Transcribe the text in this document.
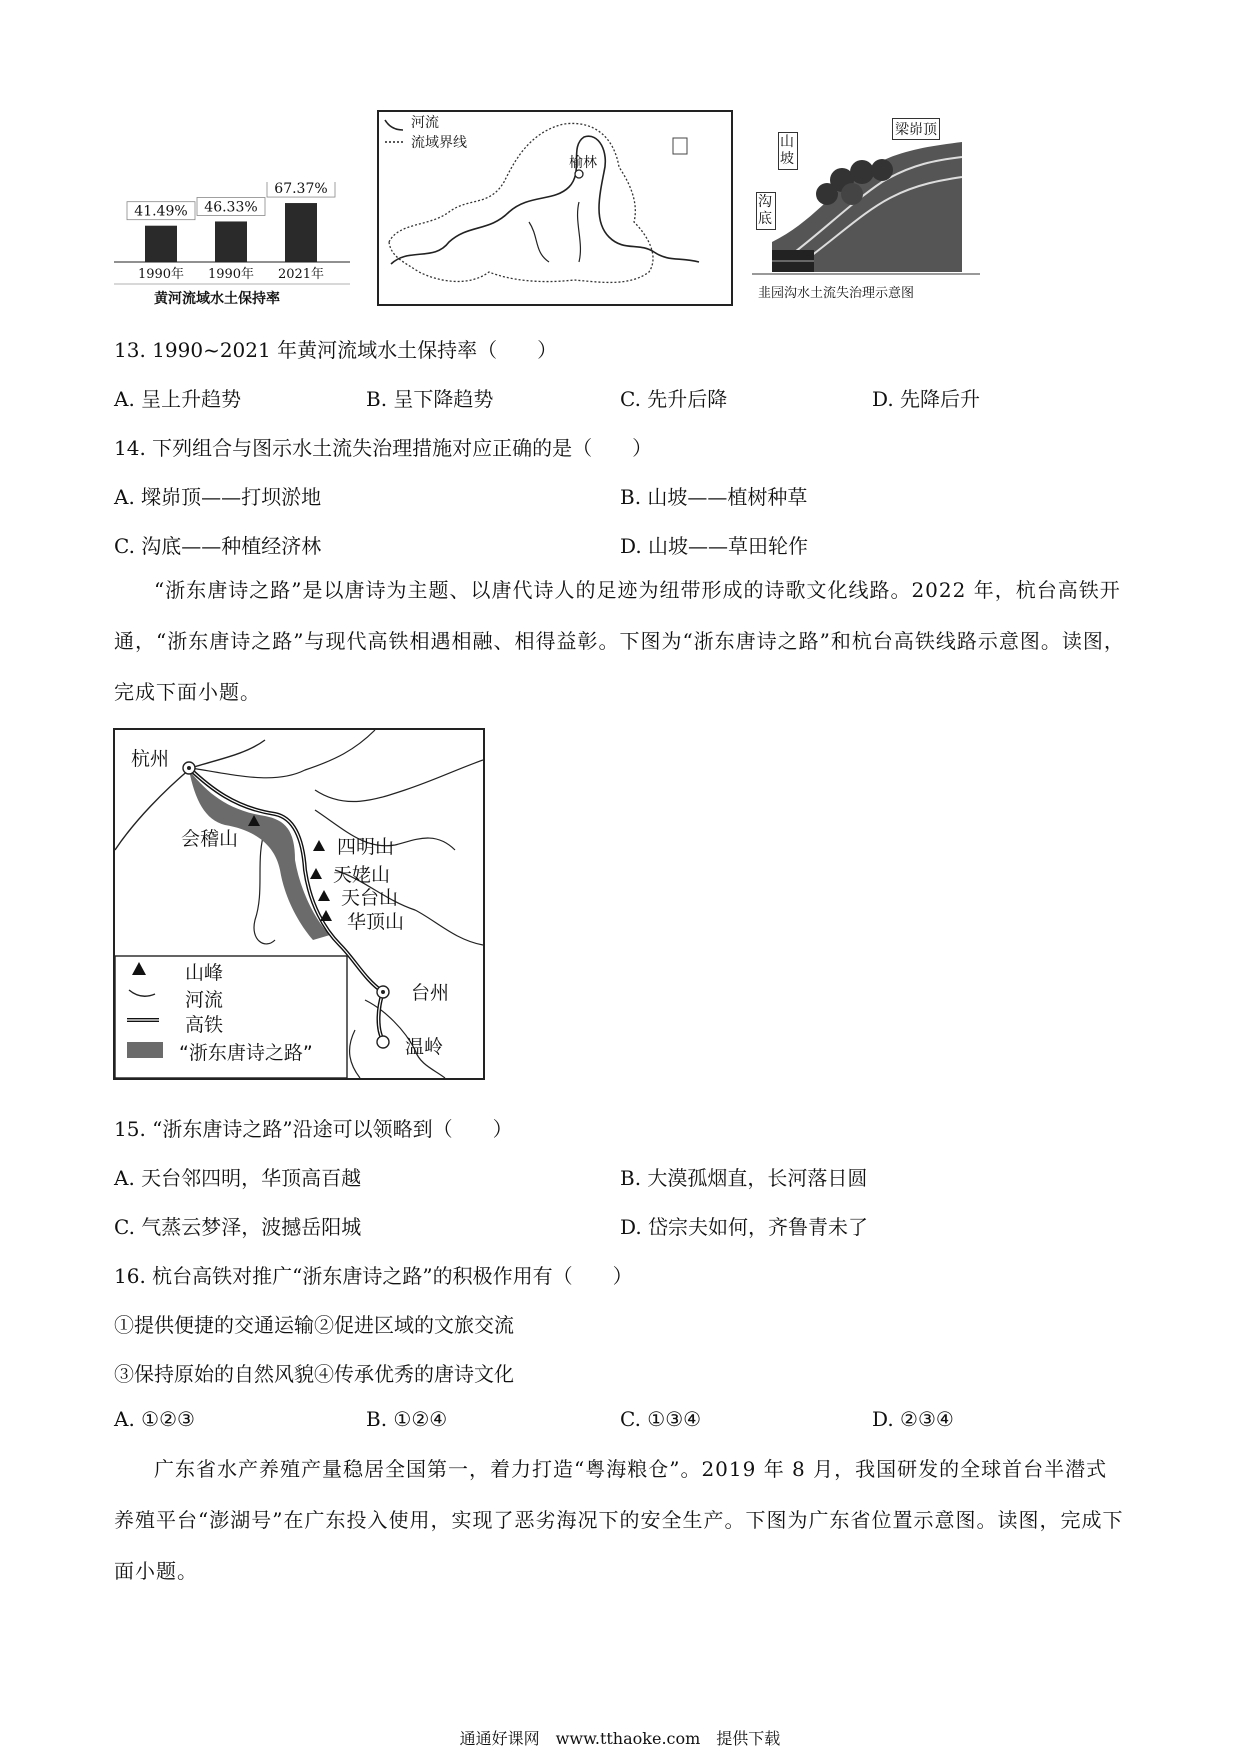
41.49%
1990年
46.33%
1990年
67.37%
2021年
黄河流域水土保持率
河流
流域界线
榆林
梁峁顶
山坡
沟底
韭园沟水土流失治理示意图
13. 1990~2021 年黄河流域水土保持率（　　）
A. 呈上升趋势	B. 呈下降趋势	C. 先升后降	D. 先降后升
14. 下列组合与图示水土流失治理措施对应正确的是（　　）
A. 墚峁顶——打坝淤地	B. 山坡——植树种草
C. 沟底——种植经济林	D. 山坡——草田轮作
“浙东唐诗之路”是以唐诗为主题、以唐代诗人的足迹为纽带形成的诗歌文化线路。2022 年，杭台高铁开通，“浙东唐诗之路”与现代高铁相遇相融、相得益彰。下图为“浙东唐诗之路”和杭台高铁线路示意图。读图，完成下面小题。
杭州
会稽山	四明山
天姥山
天台山
华顶山
台州
温岭
山峰
河流
高铁
“浙东唐诗之路”
15. “浙东唐诗之路”沿途可以领略到（　　）
A. 天台邻四明，华顶高百越	B. 大漠孤烟直，长河落日圆
C. 气蒸云梦泽，波撼岳阳城	D. 岱宗夫如何，齐鲁青未了
16. 杭台高铁对推广“浙东唐诗之路”的积极作用有（　　）
①提供便捷的交通运输②促进区域的文旅交流
③保持原始的自然风貌④传承优秀的唐诗文化
A. ①②③	B. ①②④	C. ①③④	D. ②③④
广东省水产养殖产量稳居全国第一，着力打造“粤海粮仓”。2019 年 8 月，我国研发的全球首台半潜式养殖平台“澎湖号”在广东投入使用，实现了恶劣海况下的安全生产。下图为广东省位置示意图。读图，完成下面小题。
通通好课网　www.tthaoke.com　提供下载
